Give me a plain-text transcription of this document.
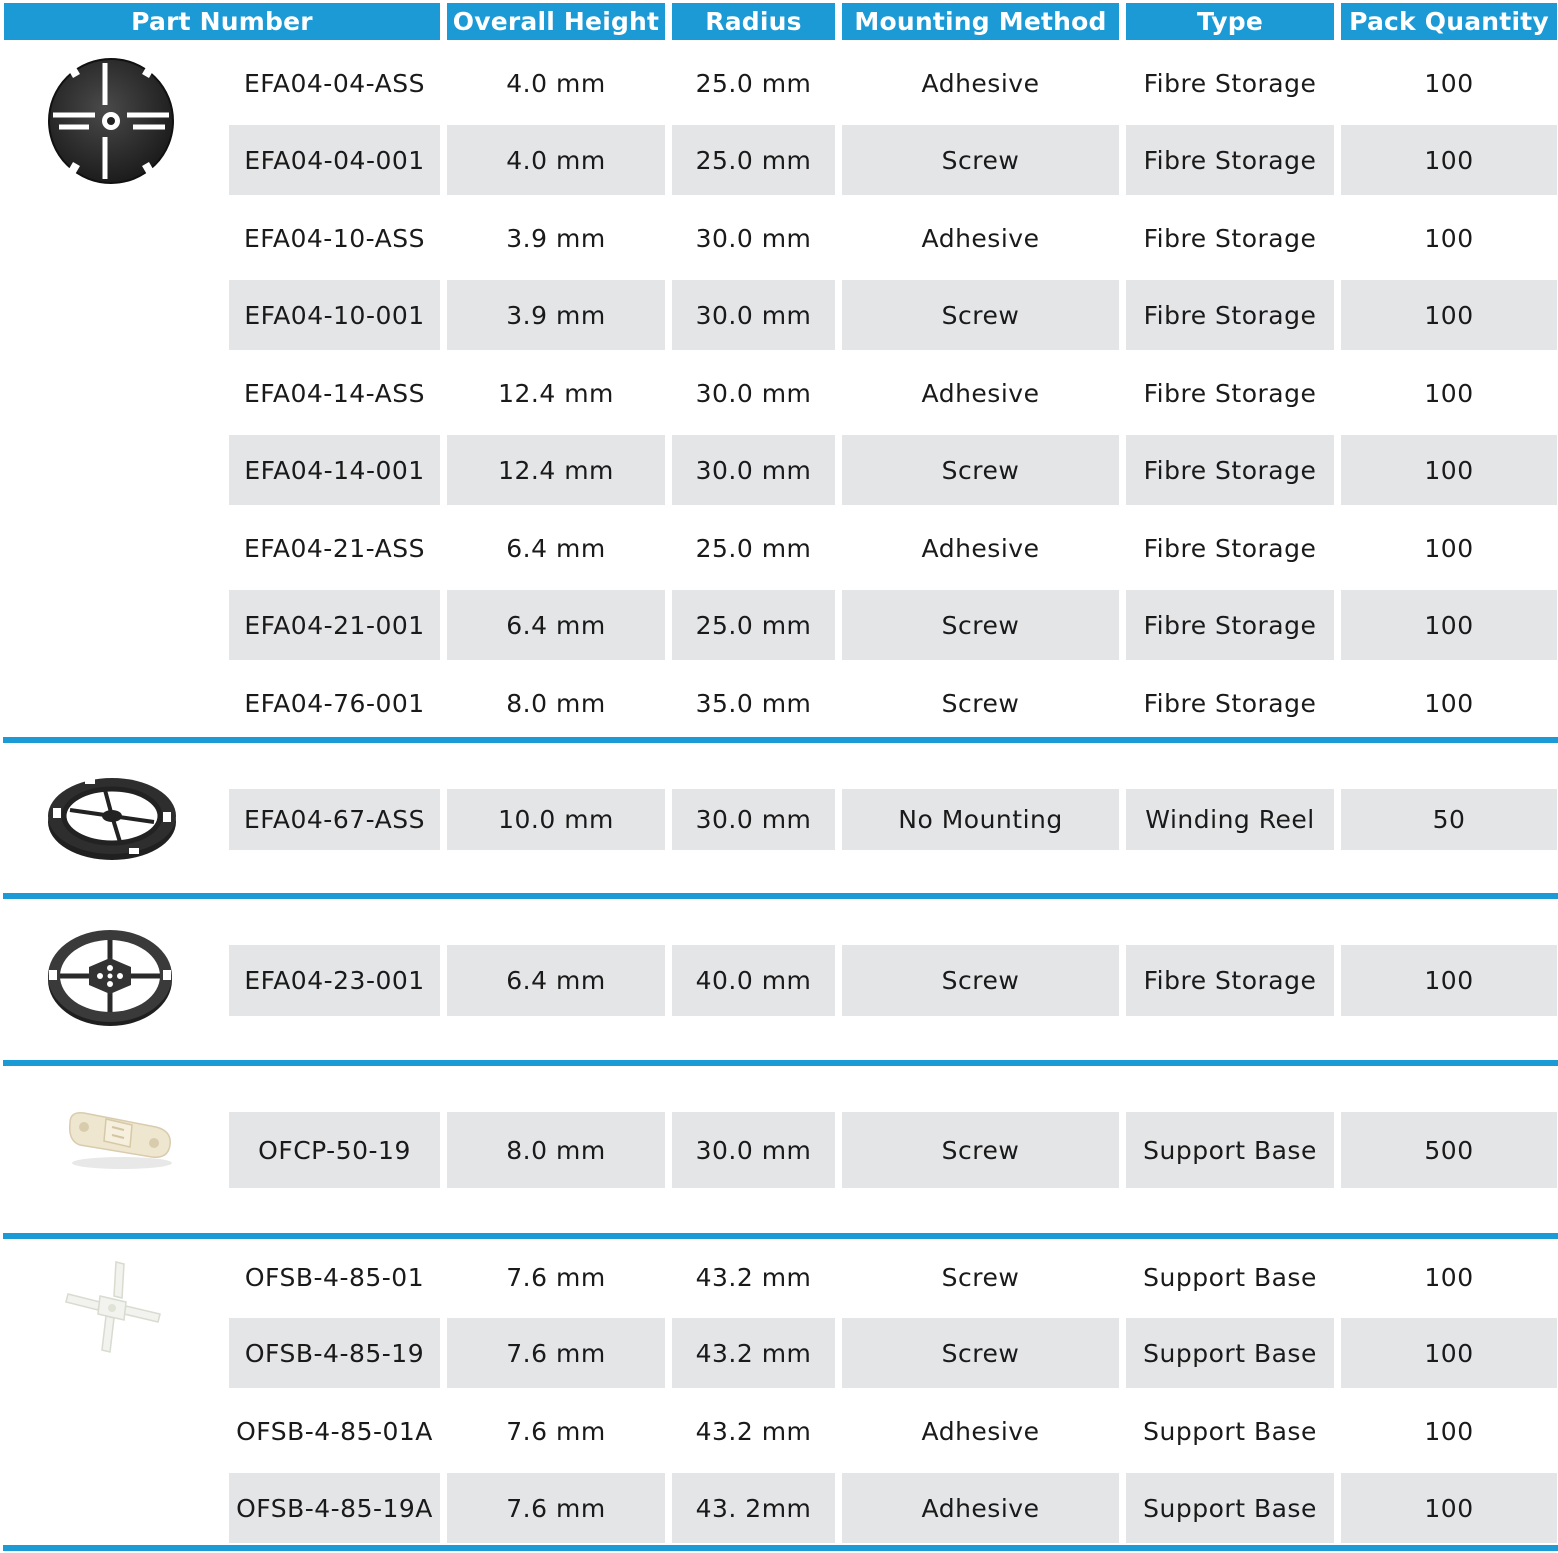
Part Number	Overall Height	Radius	Mounting Method	Type	Pack Quantity
EFA04-04-ASS	4.0 mm	25.0 mm	Adhesive	Fibre Storage	100
EFA04-04-001	4.0 mm	25.0 mm	Screw	Fibre Storage	100
EFA04-10-ASS	3.9 mm	30.0 mm	Adhesive	Fibre Storage	100
EFA04-10-001	3.9 mm	30.0 mm	Screw	Fibre Storage	100
EFA04-14-ASS	12.4 mm	30.0 mm	Adhesive	Fibre Storage	100
EFA04-14-001	12.4 mm	30.0 mm	Screw	Fibre Storage	100
EFA04-21-ASS	6.4 mm	25.0 mm	Adhesive	Fibre Storage	100
EFA04-21-001	6.4 mm	25.0 mm	Screw	Fibre Storage	100
EFA04-76-001	8.0 mm	35.0 mm	Screw	Fibre Storage	100
EFA04-67-ASS	10.0 mm	30.0 mm	No Mounting	Winding Reel	50
EFA04-23-001	6.4 mm	40.0 mm	Screw	Fibre Storage	100
OFCP-50-19	8.0 mm	30.0 mm	Screw	Support Base	500
OFSB-4-85-01	7.6 mm	43.2 mm	Screw	Support Base	100
OFSB-4-85-19	7.6 mm	43.2 mm	Screw	Support Base	100
OFSB-4-85-01A	7.6 mm	43.2 mm	Adhesive	Support Base	100
OFSB-4-85-19A	7.6 mm	43. 2mm	Adhesive	Support Base	100
